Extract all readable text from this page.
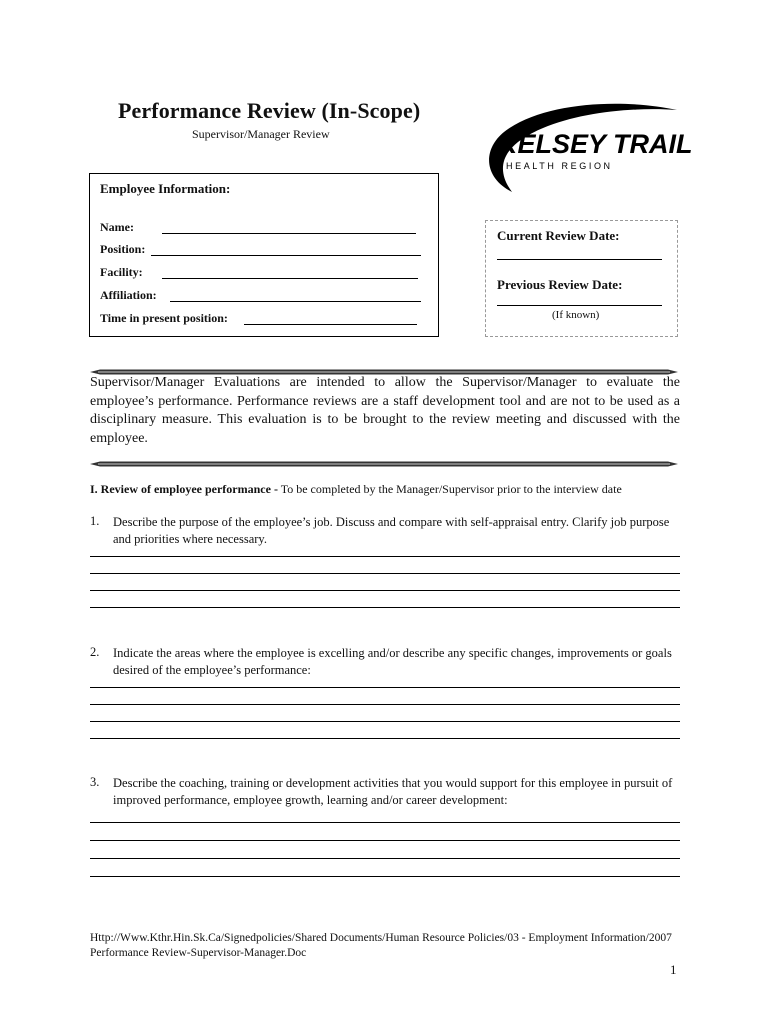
Performance Review (In-Scope)
Supervisor/Manager Review	KELSEY TRAIL
HEALTH REGION
Employee Information:
Name:
Position:
Facility:
Affiliation:
Time in present position:
Current Review Date:
Previous Review Date:
(If known)
Supervisor/Manager Evaluations are intended to allow the Supervisor/Manager to evaluate the employee’s performance. Performance reviews are a staff development tool and are not to be used as a disciplinary measure. This evaluation is to be brought to the review meeting and discussed with the employee.
I. Review of employee performance - To be completed by the Manager/Supervisor prior to the interview date
1. Describe the purpose of the employee’s job. Discuss and compare with self-appraisal entry. Clarify job purpose and priorities where necessary.
2. Indicate the areas where the employee is excelling and/or describe any specific changes, improvements or goals desired of the employee’s performance:
3. Describe the coaching, training or development activities that you would support for this employee in pursuit of improved performance, employee growth, learning and/or career development:
Http://Www.Kthr.Hin.Sk.Ca/Signedpolicies/Shared Documents/Human Resource Policies/03 - Employment Information/2007 Performance Review-Supervisor-Manager.Doc
1
